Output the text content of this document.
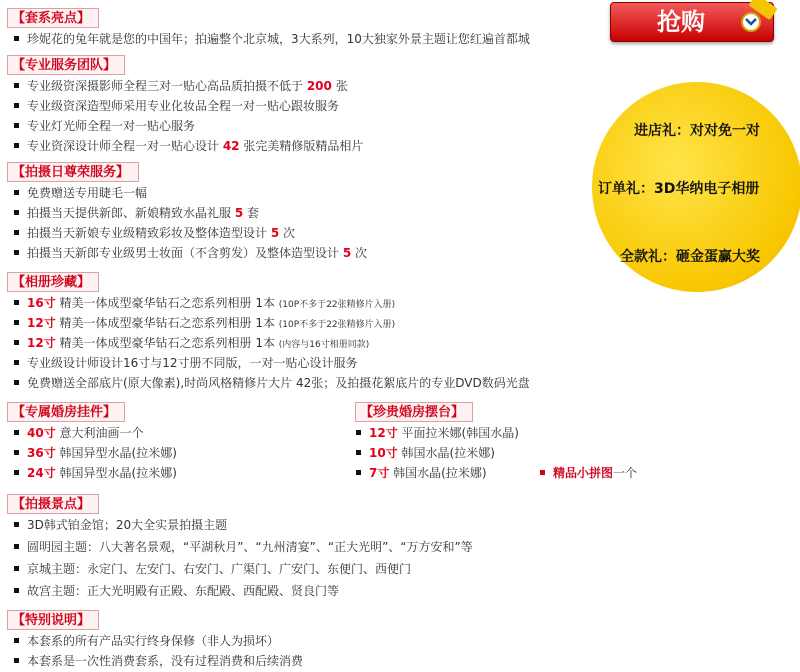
【套系亮点】
珍妮花的兔年就是您的中国年；拍遍整个北京城，3大系列，10大独家外景主题让您红遍首都城
抢购
【专业服务团队】
专业级资深摄影师全程三对一贴心高品质拍摄不低于 200 张
专业级资深造型师采用专业化妆品全程一对一贴心跟妆服务
专业灯光师全程一对一贴心服务
专业资深设计师全程一对一贴心设计 42 张完美精修版精品相片
【拍摄日尊荣服务】
免费赠送专用睫毛一幅
拍摄当天提供新郎、新娘精致水晶礼服 5 套
拍摄当天新娘专业级精致彩妆及整体造型设计 5 次
拍摄当天新郎专业级男士妆面（不含剪发）及整体造型设计 5 次
进店礼：对对免一对
订单礼：3D华纳电子相册
全款礼：砸金蛋赢大奖
【相册珍藏】
16寸 精美一体成型豪华钻石之恋系列相册 1本 (10P不多于22张精修片入册)
12寸 精美一体成型豪华钻石之恋系列相册 1本 (10P不多于22张精修片入册)
12寸 精美一体成型豪华钻石之恋系列相册 1本 (内容与16寸相册同款)
专业级设计师设计16寸与12寸册不同版，一对一贴心设计服务
免费赠送全部底片(原大像素),时尚风格精修片大片 42张；及拍摄花絮底片的专业DVD数码光盘
【专属婚房挂件】
40寸 意大利油画一个
36寸 韩国异型水晶(拉米娜)
24寸 韩国异型水晶(拉米娜)
【珍贵婚房摆台】
12寸 平面拉米娜(韩国水晶)
10寸 韩国水晶(拉米娜)
7寸 韩国水晶(拉米娜)	精品小拼图一个
【拍摄景点】
3D韩式铂金馆；20大全实景拍摄主题
圆明园主题：八大著名景观，“平湖秋月”、“九州清宴”、“正大光明”、“万方安和”等
京城主题：永定门、左安门、右安门、广渠门、广安门、东便门、西便门
故宫主题：正大光明殿有正殿、东配殿、西配殿、贤良门等
【特别说明】
本套系的所有产品实行终身保修（非人为损坏）
本套系是一次性消费套系，没有过程消费和后续消费
